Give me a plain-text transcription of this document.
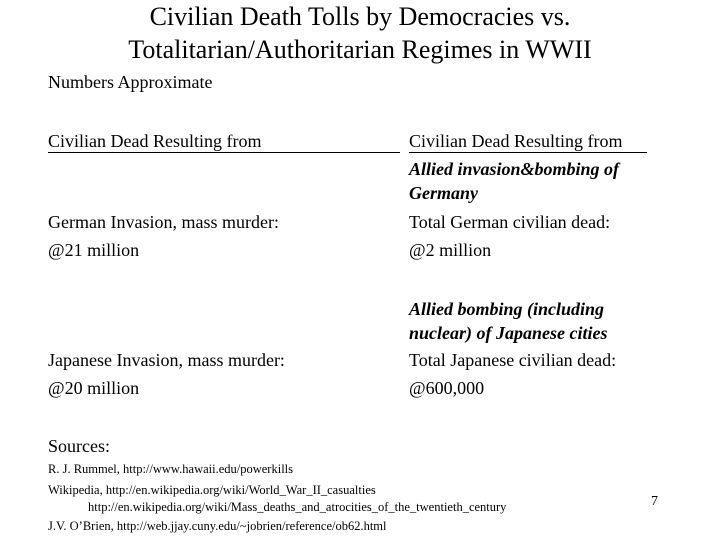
Civilian Death Tolls by Democracies vs.
Totalitarian/Authoritarian Regimes in WWII
Numbers Approximate
Civilian Dead Resulting from
German Invasion, mass murder:
@21 million
Japanese Invasion, mass murder:
@20 million
Civilian Dead Resulting from
Allied invasion&bombing of
Germany
Total German civilian dead:
@2 million
Allied bombing (including
nuclear) of Japanese cities
Total Japanese civilian dead:
@600,000
Sources:
R. J. Rummel, http://www.hawaii.edu/powerkills
Wikipedia, http://en.wikipedia.org/wiki/World_War_II_casualties
http://en.wikipedia.org/wiki/Mass_deaths_and_atrocities_of_the_twentieth_century
J.V. O’Brien, http://web.jjay.cuny.edu/~jobrien/reference/ob62.html
7
